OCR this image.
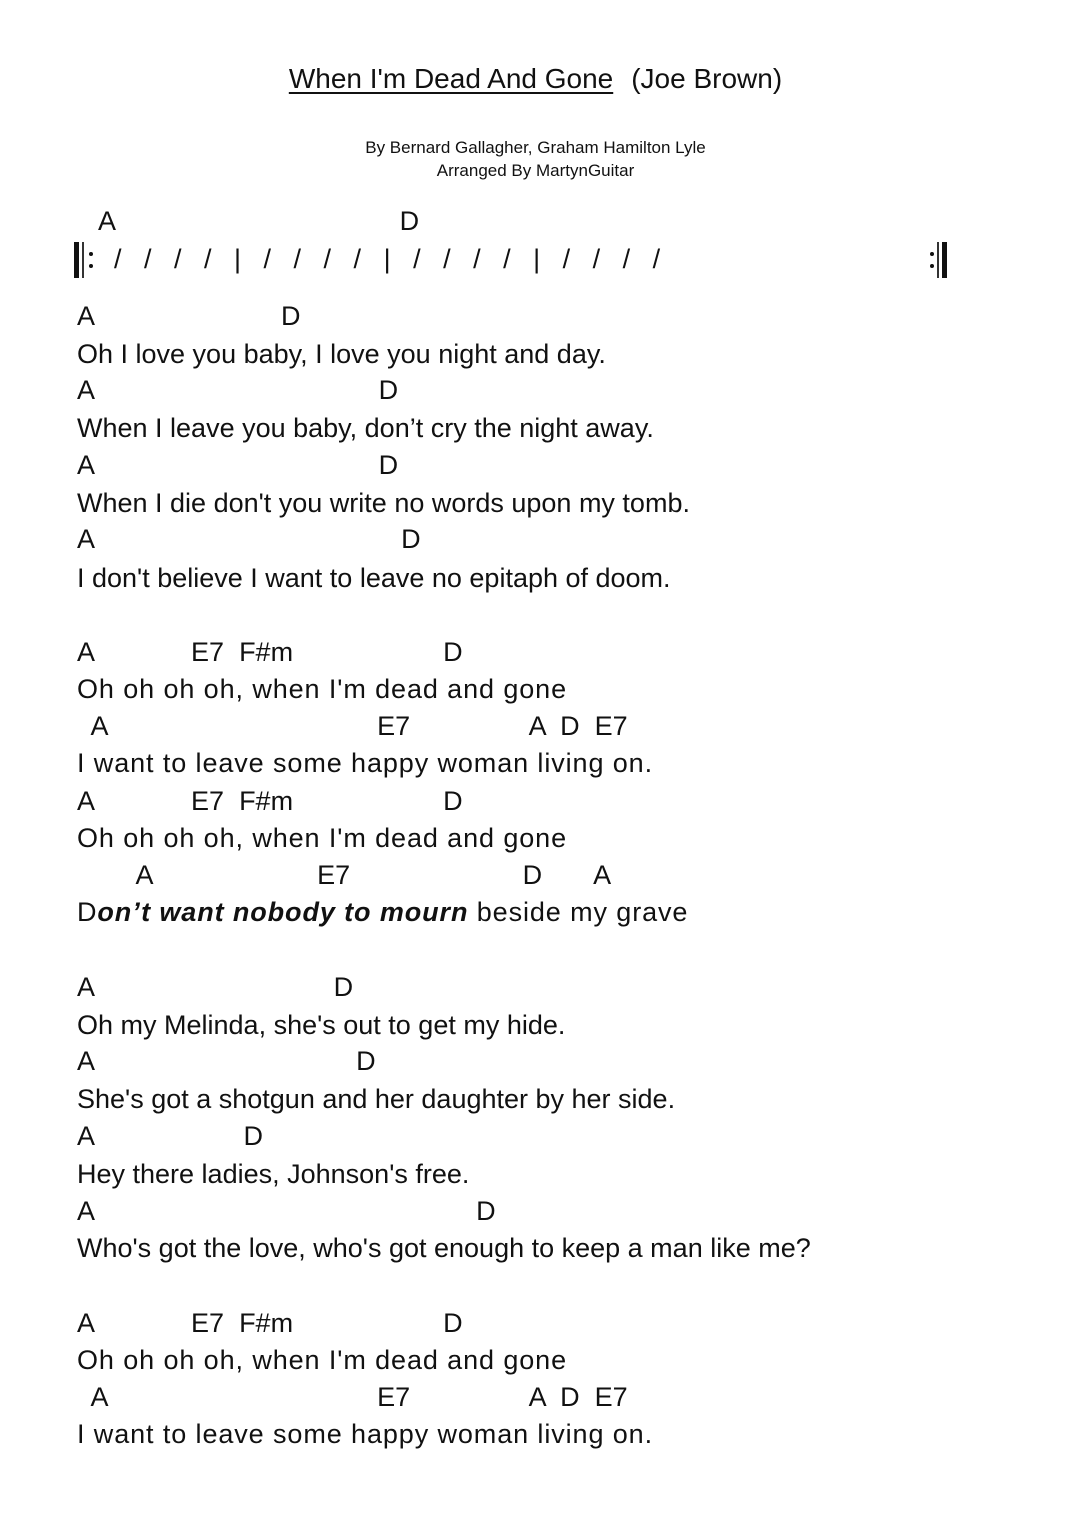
When I'm Dead And Gone (Joe Brown)
By Bernard Gallagher, Graham Hamilton Lyle
Arranged By MartynGuitar
A                                      D
/   /   /   /   |   /   /   /   /   |   /   /   /   /   |   /   /   /   /
A                         D
Oh I love you baby, I love you night and day.
A                                      D
When I leave you baby, don’t cry the night away.
A                                      D
When I die don't you write no words upon my tomb.
A                                         D
I don't believe I want to leave no epitaph of doom.
A             E7  F#m                    D
Oh oh oh oh, when I'm dead and gone
A                                    E7                A  D  E7
I want to leave some happy woman living on.
A             E7  F#m                    D
Oh oh oh oh, when I'm dead and gone
A                      E7                       D       A
Don’t want nobody to mourn beside my grave
A                                D
Oh my Melinda, she's out to get my hide.
A                                   D
She's got a shotgun and her daughter by her side.
A                    D
Hey there ladies, Johnson's free.
A                                                   D
Who's got the love, who's got enough to keep a man like me?
A             E7  F#m                    D
Oh oh oh oh, when I'm dead and gone
A                                    E7                A  D  E7
I want to leave some happy woman living on.
